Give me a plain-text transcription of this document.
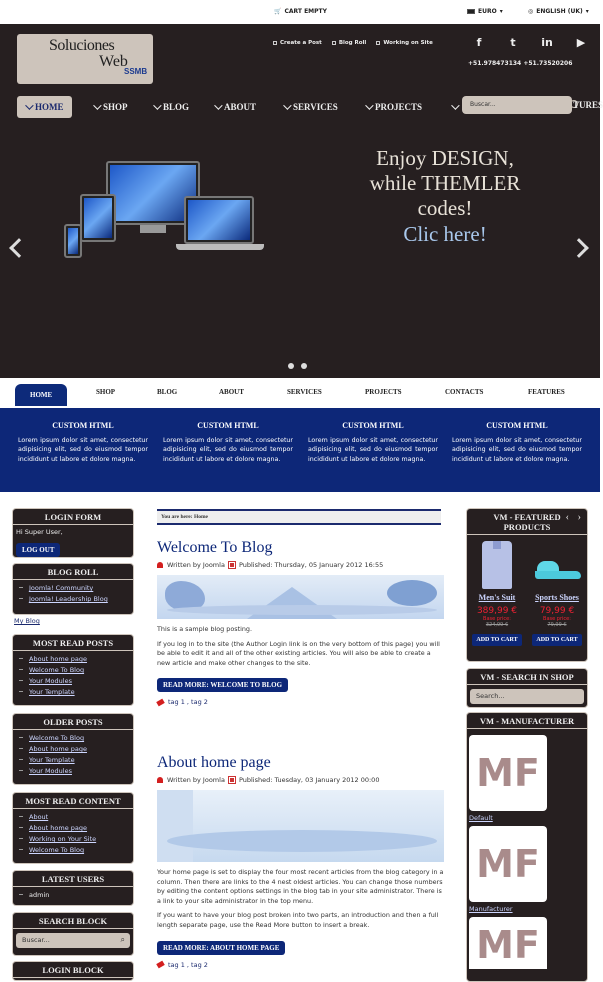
🛒 CART EMPTY	EURO ▾	◎ ENGLISH (UK) ▾
Soluciones
Web
SSMB
Create a Post	Blog Roll	Working on Site	f	t	in	▶
+51.978473134 +51.73520206
HOME	SHOP	BLOG	ABOUT	SERVICES	PROJECTS	Buscar...	TURES
Enjoy DESIGN,
while THEMLER
codes!
Clic here!
HOME	SHOP	BLOG	ABOUT	SERVICES	PROJECTS	CONTACTS	FEATURES
CUSTOM HTML

Lorem ipsum dolor sit amet, consectetur adipisicing elit, sed do eiusmod tempor incididunt ut labore et dolore magna.

CUSTOM HTML

Lorem ipsum dolor sit amet, consectetur adipisicing elit, sed do eiusmod tempor incididunt ut labore et dolore magna.

CUSTOM HTML

Lorem ipsum dolor sit amet, consectetur adipisicing elit, sed do eiusmod tempor incididunt ut labore et dolore magna.

CUSTOM HTML

Lorem ipsum dolor sit amet, consectetur adipisicing elit, sed do eiusmod tempor incididunt ut labore et dolore magna.

LOGIN FORM
Hi Super User,
LOG OUT
BLOG ROLL
Joomla! Community
Joomla! Leadership Blog
My Blog
MOST READ POSTS
About home page
Welcome To Blog
Your Modules
Your Template
OLDER POSTS
Welcome To Blog
About home page
Your Template
Your Modules
MOST READ CONTENT
About
About home page
Working on Your Site
Welcome To Blog
LATEST USERS
admin
SEARCH BLOCK
Buscar...	⌕
LOGIN BLOCK
You are here: Home
Welcome To Blog
Written by Joomla Published: Thursday, 05 January 2012 16:55

This is a sample blog posting.

If you log in to the site (the Author Login link is on the very bottom of this page) you will be able to edit it and all of the other existing articles. You will also be able to create a new article and make other changes to the site.

READ MORE: WELCOME TO BLOG
tag 1 , tag 2
About home page
Written by Joomla Published: Tuesday, 03 January 2012 00:00

Your home page is set to display the four most recent articles from the blog category in a column. Then there are links to the 4 nest oldest articles. You can change those numbers by editing the content options settings in the blog tab in your site administrator. There is a link to your site administrator in the top menu.

If you want to have your blog post broken into two parts, an introduction and then a full length separate page, use the Read More button to insert a break.

READ MORE: ABOUT HOME PAGE
tag 1 , tag 2
VM - FEATURED PRODUCTS
‹ ›
Men's Suit
389,99 €
Base price:
324,99 €
ADD TO CART
Sports Shoes
79,99 €
Base price:
79,99 €
ADD TO CART
VM - SEARCH IN SHOP
Search...
VM - MANUFACTURER
MF
Default
MF
Manufacturer
MF
